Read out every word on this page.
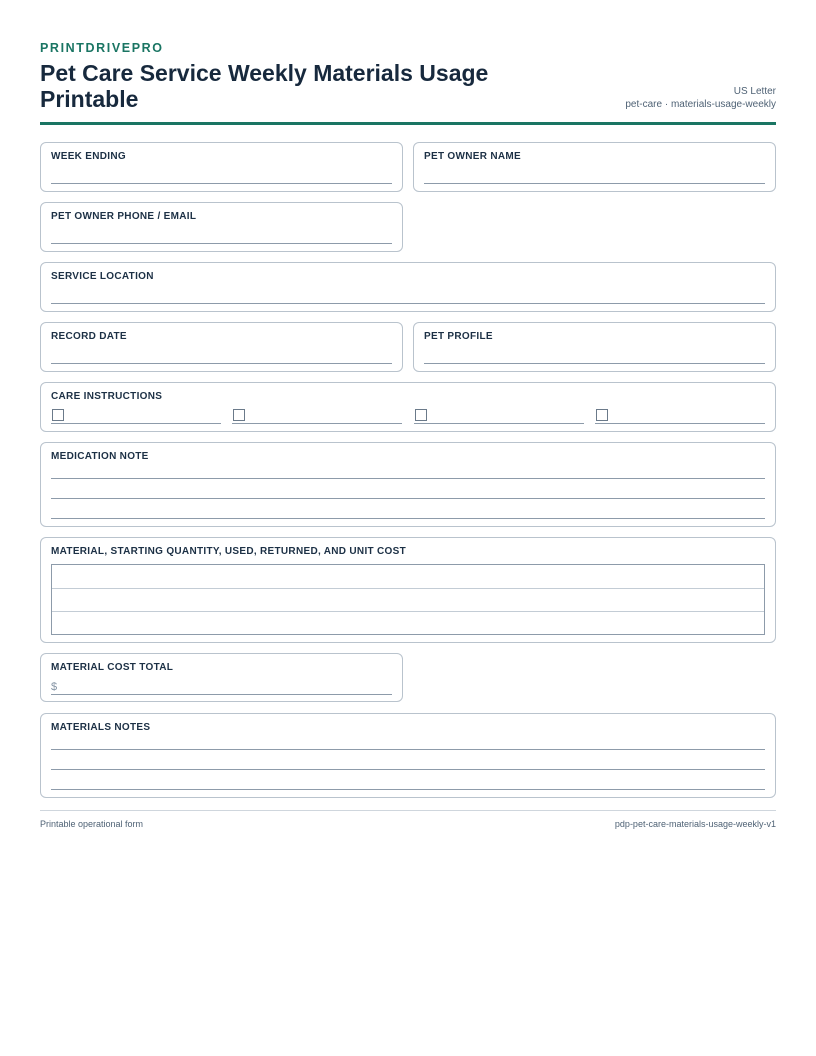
PRINTDRIVEPRO
Pet Care Service Weekly Materials Usage Printable	US Letter
pet-care · materials-usage-weekly
WEEK ENDING	PET OWNER NAME
PET OWNER PHONE / EMAIL
SERVICE LOCATION
RECORD DATE	PET PROFILE
CARE INSTRUCTIONS
MEDICATION NOTE
MATERIAL, STARTING QUANTITY, USED, RETURNED, AND UNIT COST
MATERIAL COST TOTAL
$
MATERIALS NOTES
Printable operational form	pdp-pet-care-materials-usage-weekly-v1
